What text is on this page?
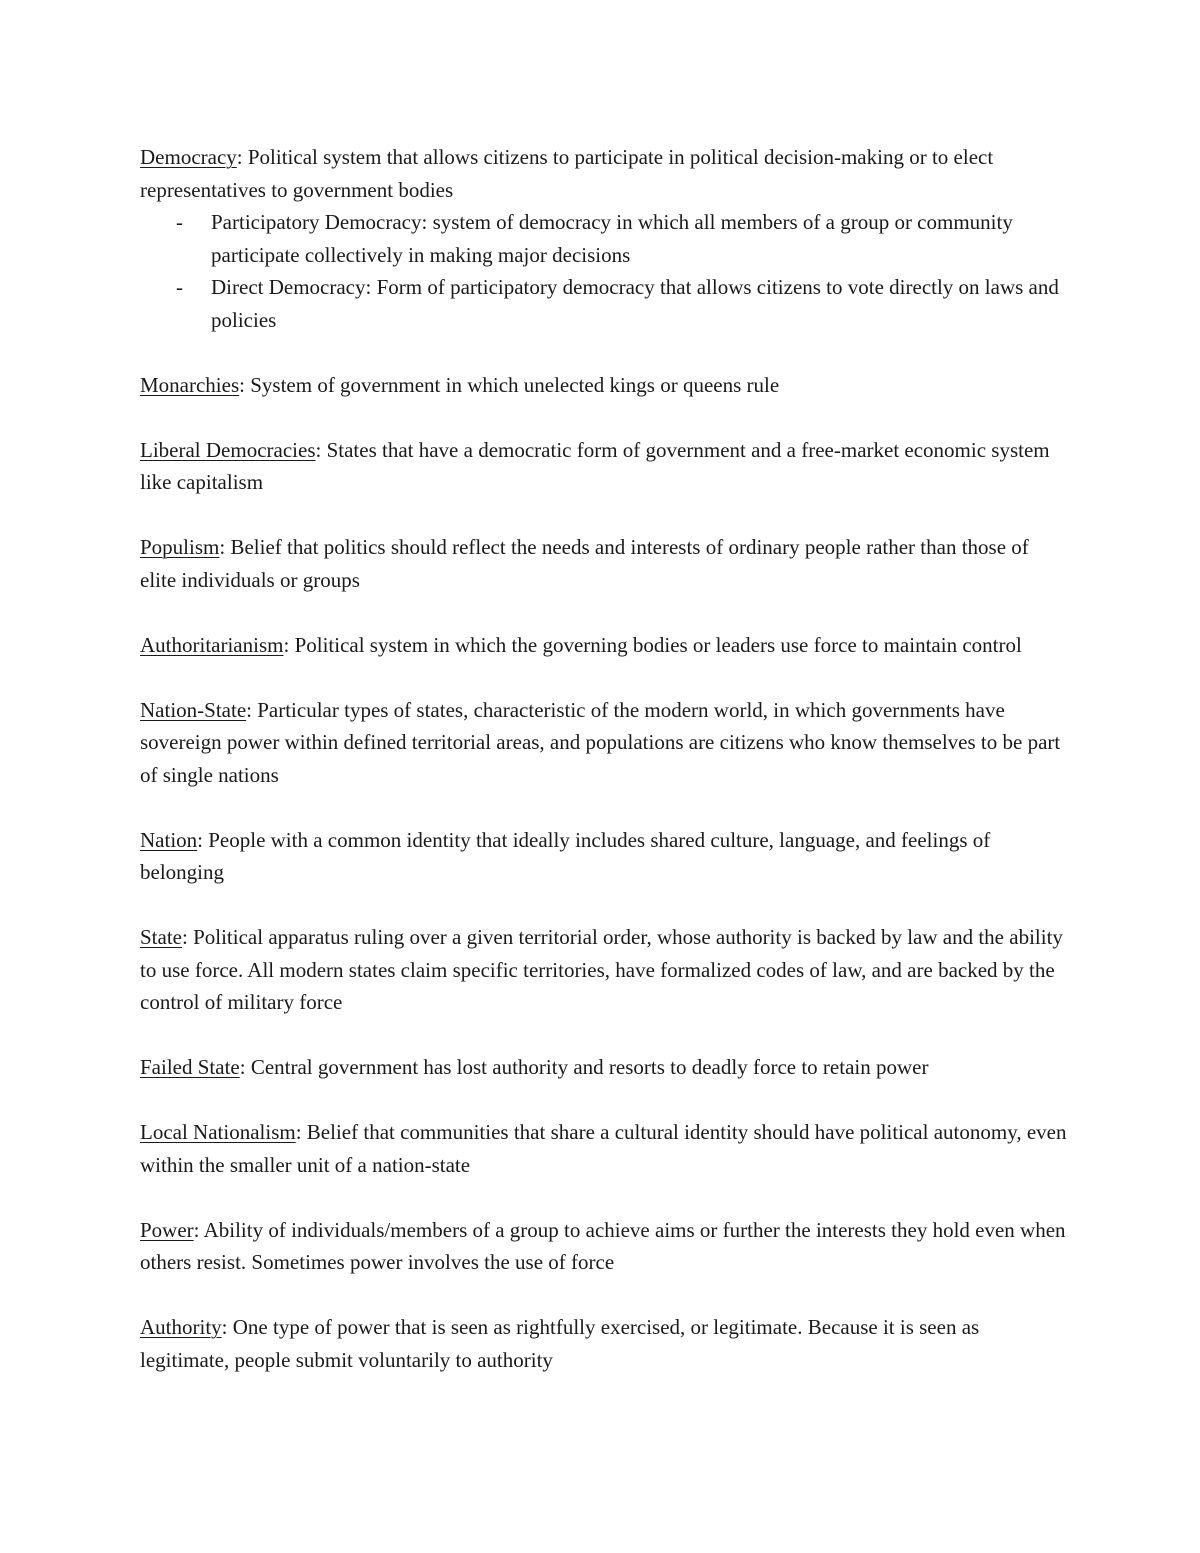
Democracy: Political system that allows citizens to participate in political decision-making or to elect representatives to government bodies

- Participatory Democracy: system of democracy in which all members of a group or community participate collectively in making major decisions
- Direct Democracy: Form of participatory democracy that allows citizens to vote directly on laws and policies

Monarchies: System of government in which unelected kings or queens rule

Liberal Democracies: States that have a democratic form of government and a free-market economic system like capitalism

Populism: Belief that politics should reflect the needs and interests of ordinary people rather than those of elite individuals or groups

Authoritarianism: Political system in which the governing bodies or leaders use force to maintain control

Nation-State: Particular types of states, characteristic of the modern world, in which governments have sovereign power within defined territorial areas, and populations are citizens who know themselves to be part of single nations

Nation: People with a common identity that ideally includes shared culture, language, and feelings of belonging

State: Political apparatus ruling over a given territorial order, whose authority is backed by law and the ability to use force. All modern states claim specific territories, have formalized codes of law, and are backed by the control of military force

Failed State: Central government has lost authority and resorts to deadly force to retain power

Local Nationalism: Belief that communities that share a cultural identity should have political autonomy, even within the smaller unit of a nation-state

Power: Ability of individuals/members of a group to achieve aims or further the interests they hold even when others resist. Sometimes power involves the use of force

Authority: One type of power that is seen as rightfully exercised, or legitimate. Because it is seen as legitimate, people submit voluntarily to authority
